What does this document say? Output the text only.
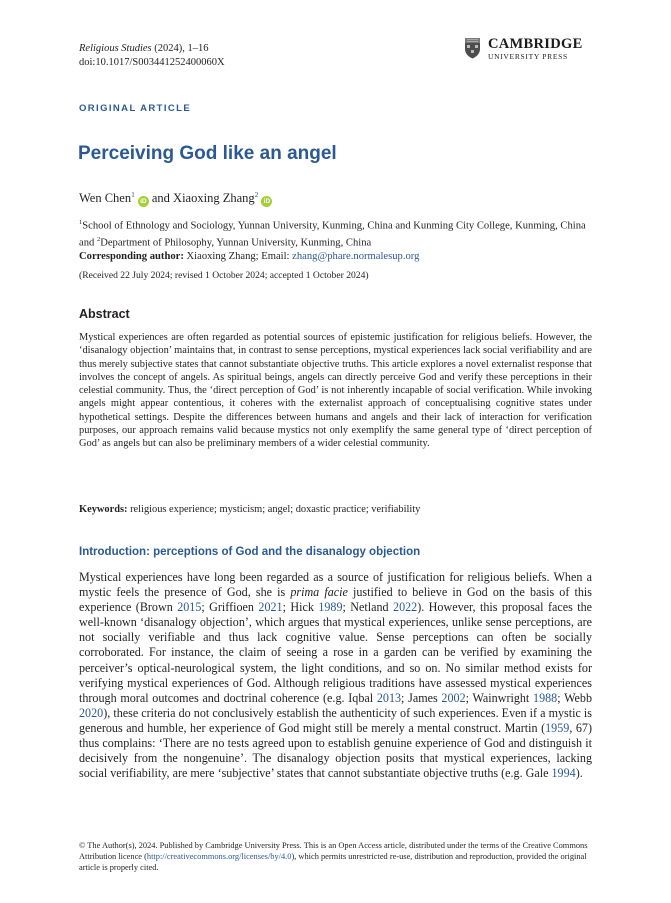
Religious Studies (2024), 1–16
doi:10.1017/S003441252400060X
CAMBRIDGE
UNIVERSITY PRESS
ORIGINAL ARTICLE
Perceiving God like an angel
Wen Chen$^1$iD and Xiaoxing Zhang$^2$iD
$^1$School of Ethnology and Sociology, Yunnan University, Kunming, China and Kunming City College, Kunming, China and $^2$Department of Philosophy, Yunnan University, Kunming, China
Corresponding author: Xiaoxing Zhang; Email: zhang@phare.normalesup.org
(Received 22 July 2024; revised 1 October 2024; accepted 1 October 2024)
Abstract

Mystical experiences are often regarded as potential sources of epistemic justification for religious beliefs. However, the ‘disanalogy objection’ maintains that, in contrast to sense perceptions, mystical experiences lack social verifiability and are thus merely subjective states that cannot substantiate objective truths. This article explores a novel externalist response that involves the concept of angels. As spiritual beings, angels can directly perceive God and verify these perceptions in their celestial community. Thus, the ‘direct perception of God’ is not inherently incapable of social verification. While invoking angels might appear contentious, it coheres with the externalist approach of conceptualising cognitive states under hypothetical settings. Despite the differences between humans and angels and their lack of interaction for verification purposes, our approach remains valid because mystics not only exemplify the same general type of ‘direct perception of God’ as angels but can also be preliminary members of a wider celestial community.

Keywords: religious experience; mysticism; angel; doxastic practice; verifiability
Introduction: perceptions of God and the disanalogy objection

Mystical experiences have long been regarded as a source of justification for religious beliefs. When a mystic feels the presence of God, she is prima facie justified to believe in God on the basis of this experience (Brown 2015; Griffioen 2021; Hick 1989; Netland 2022). However, this proposal faces the well-known ‘disanalogy objection’, which argues that mystical experiences, unlike sense perceptions, are not socially verifiable and thus lack cognitive value. Sense perceptions can often be socially corroborated. For instance, the claim of seeing a rose in a garden can be verified by examining the perceiver’s optical-neurological system, the light conditions, and so on. No similar method exists for verifying mystical experiences of God. Although religious traditions have assessed mystical experiences through moral outcomes and doctrinal coherence (e.g. Iqbal 2013; James 2002; Wainwright 1988; Webb 2020), these criteria do not conclusively establish the authenticity of such experiences. Even if a mystic is generous and humble, her experience of God might still be merely a mental construct. Martin (1959, 67) thus complains: ‘There are no tests agreed upon to establish genuine experience of God and distinguish it decisively from the nongenuine’. The disanalogy objection posits that mystical experiences, lacking social verifiability, are mere ‘subjective’ states that cannot substantiate objective truths (e.g. Gale 1994).

© The Author(s), 2024. Published by Cambridge University Press. This is an Open Access article, distributed under the terms of the Creative Commons Attribution licence (http://creativecommons.org/licenses/by/4.0), which permits unrestricted re-use, distribution and reproduction, provided the original article is properly cited.
